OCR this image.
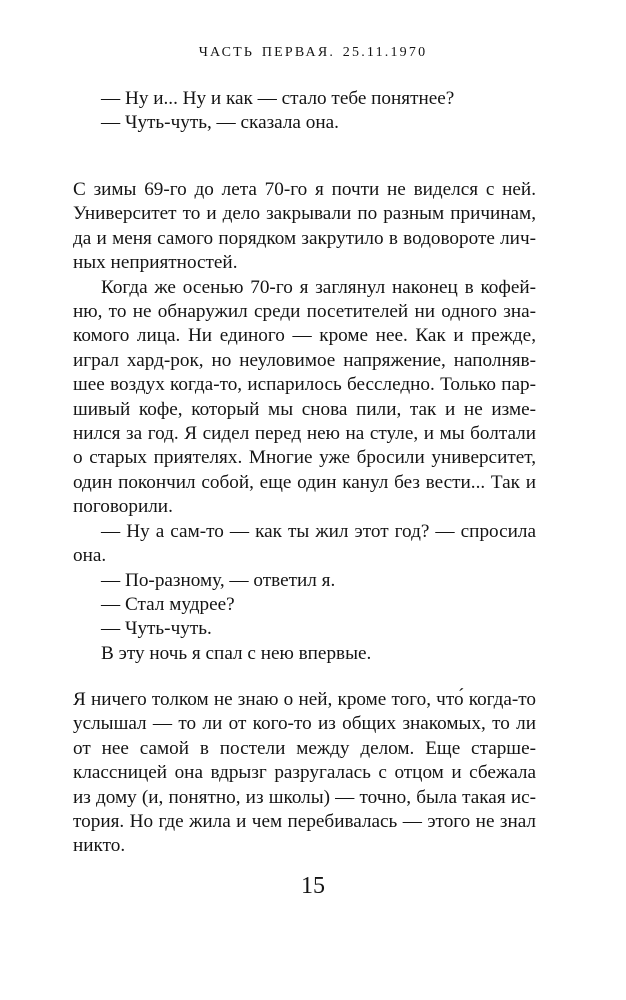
ЧАСТЬ ПЕРВАЯ. 25.11.1970

— Ну и... Ну и как — стало тебе понятнее?

— Чуть-чуть, — сказала она.

С зимы 69-го до лета 70-го я почти не виделся с ней. Университет то и дело закрывали по разным причинам, да и меня самого порядком закрутило в водовороте личных неприятностей.

Когда же осенью 70-го я заглянул наконец в кофейню, то не обнаружил среди посетителей ни одного знакомого лица. Ни единого — кроме нее. Как и прежде, играл хард-рок, но неуловимое напряжение, наполнявшее воздух когда-то, испарилось бесследно. Только паршивый кофе, который мы снова пили, так и не изменился за год. Я сидел перед нею на стуле, и мы болтали о старых приятелях. Многие уже бросили университет, один покончил собой, еще один канул без вести... Так и поговорили.

— Ну а сам-то — как ты жил этот год? — спросила она.

— По-разному, — ответил я.

— Стал мудрее?

— Чуть-чуть.

В эту ночь я спал с нею впервые.

Я ничего толком не знаю о ней, кроме того, что́ когда-то услышал — то ли от кого-то из общих знакомых, то ли от нее самой в постели между делом. Еще старшеклассницей она вдрызг разругалась с отцом и сбежала из дому (и, понятно, из школы) — точно, была такая история. Но где жила и чем перебивалась — этого не знал никто.

15
